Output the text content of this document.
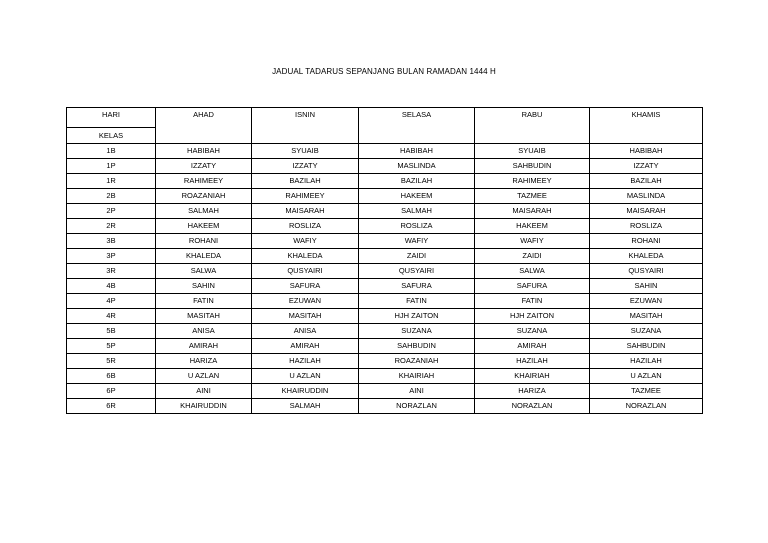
JADUAL TADARUS SEPANJANG BULAN RAMADAN 1444 H
HARI	AHAD	ISNIN	SELASA	RABU	KHAMIS
KELAS					
1B	HABIBAH	SYUAIB	HABIBAH	SYUAIB	HABIBAH
1P	IZZATY	IZZATY	MASLINDA	SAHBUDIN	IZZATY
1R	RAHIMEEY	BAZILAH	BAZILAH	RAHIMEEY	BAZILAH
2B	ROAZANIAH	RAHIMEEY	HAKEEM	TAZMEE	MASLINDA
2P	SALMAH	MAISARAH	SALMAH	MAISARAH	MAISARAH
2R	HAKEEM	ROSLIZA	ROSLIZA	HAKEEM	ROSLIZA
3B	ROHANI	WAFIY	WAFIY	WAFIY	ROHANI
3P	KHALEDA	KHALEDA	ZAIDI	ZAIDI	KHALEDA
3R	SALWA	QUSYAIRI	QUSYAIRI	SALWA	QUSYAIRI
4B	SAHIN	SAFURA	SAFURA	SAFURA	SAHIN
4P	FATIN	EZUWAN	FATIN	FATIN	EZUWAN
4R	MASITAH	MASITAH	HJH ZAITON	HJH ZAITON	MASITAH
5B	ANISA	ANISA	SUZANA	SUZANA	SUZANA
5P	AMIRAH	AMIRAH	SAHBUDIN	AMIRAH	SAHBUDIN
5R	HARIZA	HAZILAH	ROAZANIAH	HAZILAH	HAZILAH
6B	U AZLAN	U AZLAN	KHAIRIAH	KHAIRIAH	U AZLAN
6P	AINI	KHAIRUDDIN	AINI	HARIZA	TAZMEE
6R	KHAIRUDDIN	SALMAH	NORAZLAN	NORAZLAN	NORAZLAN
